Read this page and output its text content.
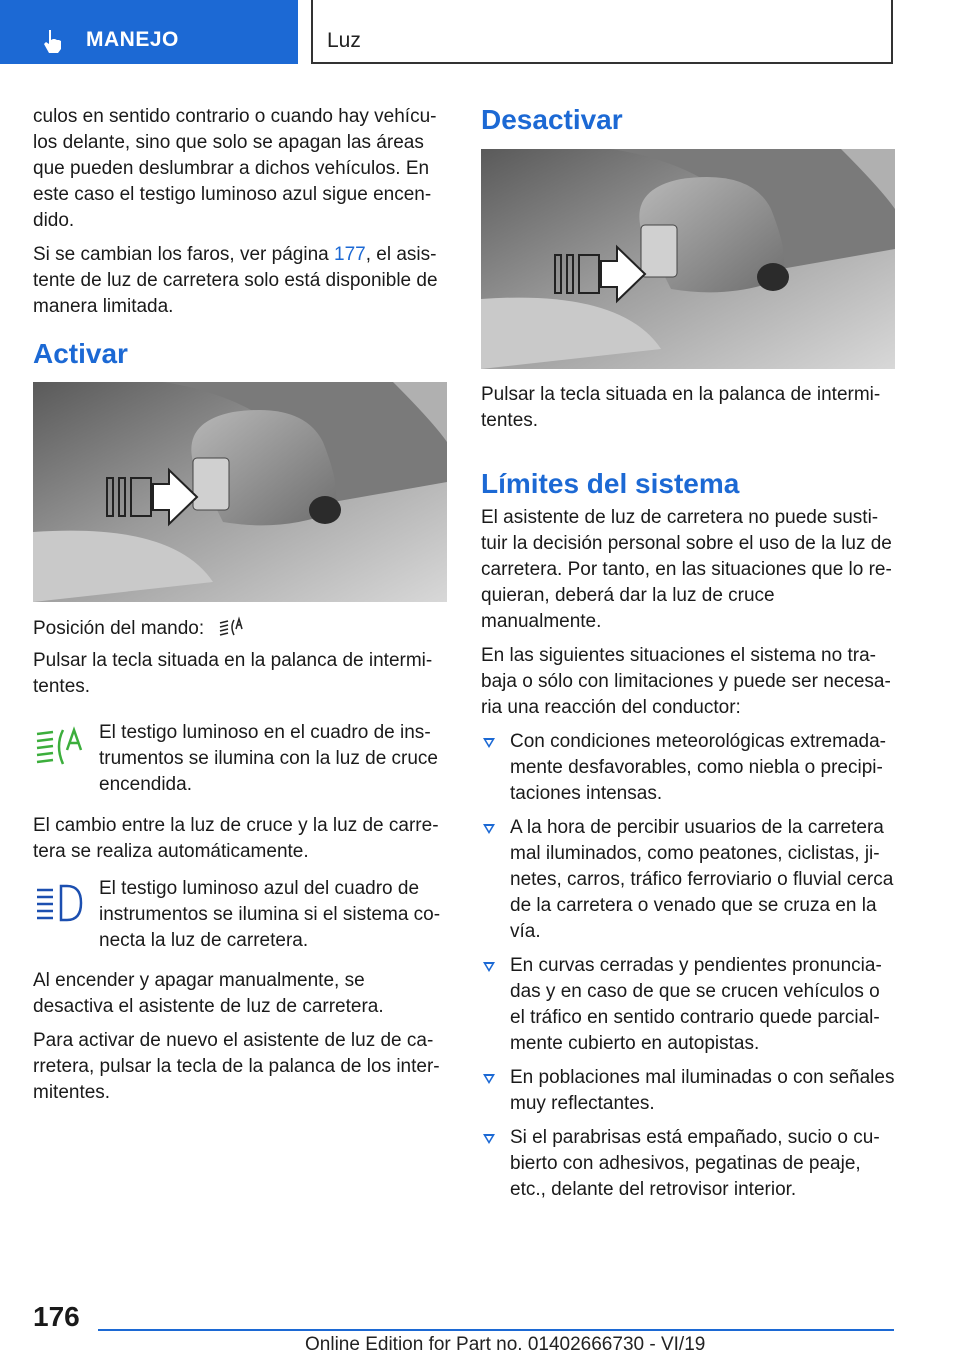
MANEJO	Luz

culos en sentido contrario o cuando hay vehículos delante, sino que solo se apagan las áreas que pueden deslumbrar a dichos vehículos. En este caso el testigo luminoso azul sigue encendido.

Si se cambian los faros, ver página 177, el asistente de luz de carretera solo está disponible de manera limitada.

Activar

Posición del mando:

Pulsar la tecla situada en la palanca de intermitentes.

El testigo luminoso en el cuadro de instrumentos se ilumina con la luz de cruce encendida.

El cambio entre la luz de cruce y la luz de carretera se realiza automáticamente.

El testigo luminoso azul del cuadro de instrumentos se ilumina si el sistema conecta la luz de carretera.

Al encender y apagar manualmente, se desactiva el asistente de luz de carretera.

Para activar de nuevo el asistente de luz de carretera, pulsar la tecla de la palanca de los intermitentes.

Desactivar

Pulsar la tecla situada en la palanca de intermitentes.

Límites del sistema

El asistente de luz de carretera no puede sustituir la decisión personal sobre el uso de la luz de carretera. Por tanto, en las situaciones que lo requieran, deberá dar la luz de cruce manualmente.

En las siguientes situaciones el sistema no trabaja o sólo con limitaciones y puede ser necesaria una reacción del conductor:

Con condiciones meteorológicas extremadamente desfavorables, como niebla o precipitaciones intensas.
A la hora de percibir usuarios de la carretera mal iluminados, como peatones, ciclistas, jinetes, carros, tráfico ferroviario o fluvial cerca de la carretera o venado que se cruza en la vía.
En curvas cerradas y pendientes pronunciadas y en caso de que se crucen vehículos o el tráfico en sentido contrario quede parcialmente cubierto en autopistas.
En poblaciones mal iluminadas o con señales muy reflectantes.
Si el parabrisas está empañado, sucio o cubierto con adhesivos, pegatinas de peaje, etc., delante del retrovisor interior.
176
Online Edition for Part no. 01402666730 - VI/19
